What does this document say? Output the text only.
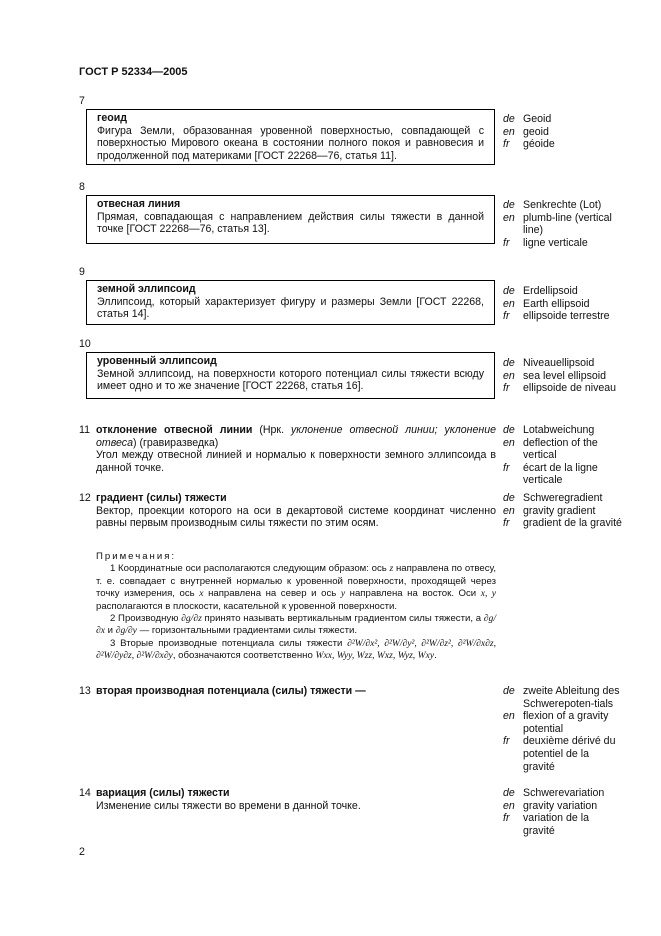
ГОСТ Р 52334—2005
7
геоид
Фигура Земли, образованная уровенной поверхностью, совпадающей с поверхностью Мирового океана в состоянии полного покоя и равновесия и продолженной под материками [ГОСТ 22268—76, статья 11].
de Geoid
en geoid
fr	géoide
8
отвесная линия
Прямая, совпадающая с направлением действия силы тяжести в данной точке [ГОСТ 22268—76, статья 13].
de Senkrechte (Lot)
en plumb-line (vertical line)
fr	ligne verticale
9
земной эллипсоид
Эллипсоид, который характеризует фигуру и размеры Земли [ГОСТ 22268, статья 14].
de Erdellipsoid
en Earth ellipsoid
fr	ellipsoide terrestre
10
уровенный эллипсоид
Земной эллипсоид, на поверхности которого потенциал силы тяжести всюду имеет одно и то же значение [ГОСТ 22268, статья 16].
de Niveauellipsoid
en sea level ellipsoid
fr	ellipsoide de niveau
11 отклонение отвесной линии (Нрк. уклонение отвесной линии; уклонение отвеса) (гравиразведка)
Угол между отвесной линией и нормалью к поверхности земного эллипсоида в данной точке.
de Lotabweichung
en deflection of the vertical
fr	écart de la ligne verticale
12 градиент (силы) тяжести
Вектор, проекции которого на оси в декартовой системе координат численно равны первым производным силы тяжести по этим осям.
de Schweregradient
en gravity gradient
fr	gradient de la gravité

Примечания:

1 Координатные оси располагаются следующим образом: ось z направлена по отвесу, т. е. совпадает с внутренней нормалью к уровенной поверхности, проходящей через точку измерения, ось x направлена на север и ось y направлена на восток. Оси x, y располагаются в плоскости, касательной к уровенной поверхности.

2 Производную ∂g/∂z принято называть вертикальным градиентом силы тяжести, а ∂g/∂x и ∂g/∂y — горизонтальными градиентами силы тяжести.

3 Вторые производные потенциала силы тяжести ∂²W/∂x², ∂²W/∂y², ∂²W/∂z², ∂²W/∂x∂z, ∂²W/∂y∂z, ∂²W/∂x∂y, обозначаются соответственно Wxx, Wyy, Wzz, Wxz, Wyz, Wxy.

13 вторая производная потенциала (силы) тяжести —	de zweite Ableitung des Schwerepoten-tials
en flexion of a gravity potential
fr	deuxième dérivé du potentiel de la gravité
14 вариация (силы) тяжести
Изменение силы тяжести во времени в данной точке.
de Schwerevariation
en gravity variation
fr	variation de la gravité
2
